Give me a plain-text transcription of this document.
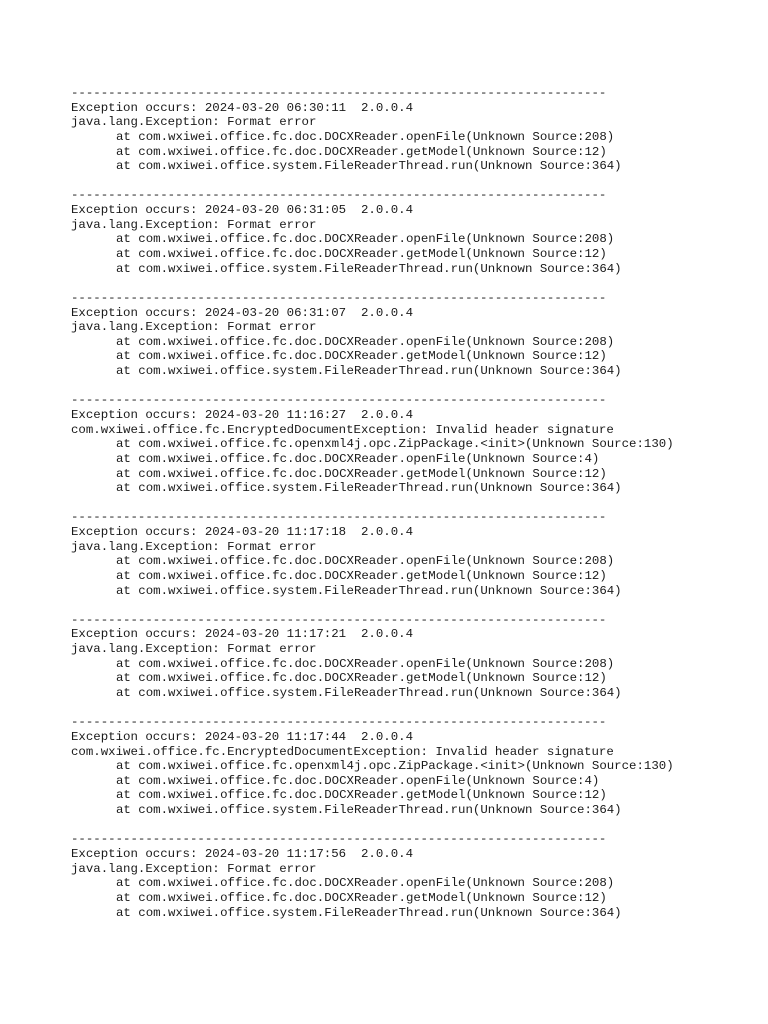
------------------------------------------------------------------------
Exception occurs: 2024-03-20 06:30:11  2.0.0.4
java.lang.Exception: Format error
at com.wxiwei.office.fc.doc.DOCXReader.openFile(Unknown Source:208)
at com.wxiwei.office.fc.doc.DOCXReader.getModel(Unknown Source:12)
at com.wxiwei.office.system.FileReaderThread.run(Unknown Source:364)
------------------------------------------------------------------------
Exception occurs: 2024-03-20 06:31:05  2.0.0.4
java.lang.Exception: Format error
at com.wxiwei.office.fc.doc.DOCXReader.openFile(Unknown Source:208)
at com.wxiwei.office.fc.doc.DOCXReader.getModel(Unknown Source:12)
at com.wxiwei.office.system.FileReaderThread.run(Unknown Source:364)
------------------------------------------------------------------------
Exception occurs: 2024-03-20 06:31:07  2.0.0.4
java.lang.Exception: Format error
at com.wxiwei.office.fc.doc.DOCXReader.openFile(Unknown Source:208)
at com.wxiwei.office.fc.doc.DOCXReader.getModel(Unknown Source:12)
at com.wxiwei.office.system.FileReaderThread.run(Unknown Source:364)
------------------------------------------------------------------------
Exception occurs: 2024-03-20 11:16:27  2.0.0.4
com.wxiwei.office.fc.EncryptedDocumentException: Invalid header signature
at com.wxiwei.office.fc.openxml4j.opc.ZipPackage.<init>(Unknown Source:130)
at com.wxiwei.office.fc.doc.DOCXReader.openFile(Unknown Source:4)
at com.wxiwei.office.fc.doc.DOCXReader.getModel(Unknown Source:12)
at com.wxiwei.office.system.FileReaderThread.run(Unknown Source:364)
------------------------------------------------------------------------
Exception occurs: 2024-03-20 11:17:18  2.0.0.4
java.lang.Exception: Format error
at com.wxiwei.office.fc.doc.DOCXReader.openFile(Unknown Source:208)
at com.wxiwei.office.fc.doc.DOCXReader.getModel(Unknown Source:12)
at com.wxiwei.office.system.FileReaderThread.run(Unknown Source:364)
------------------------------------------------------------------------
Exception occurs: 2024-03-20 11:17:21  2.0.0.4
java.lang.Exception: Format error
at com.wxiwei.office.fc.doc.DOCXReader.openFile(Unknown Source:208)
at com.wxiwei.office.fc.doc.DOCXReader.getModel(Unknown Source:12)
at com.wxiwei.office.system.FileReaderThread.run(Unknown Source:364)
------------------------------------------------------------------------
Exception occurs: 2024-03-20 11:17:44  2.0.0.4
com.wxiwei.office.fc.EncryptedDocumentException: Invalid header signature
at com.wxiwei.office.fc.openxml4j.opc.ZipPackage.<init>(Unknown Source:130)
at com.wxiwei.office.fc.doc.DOCXReader.openFile(Unknown Source:4)
at com.wxiwei.office.fc.doc.DOCXReader.getModel(Unknown Source:12)
at com.wxiwei.office.system.FileReaderThread.run(Unknown Source:364)
------------------------------------------------------------------------
Exception occurs: 2024-03-20 11:17:56  2.0.0.4
java.lang.Exception: Format error
at com.wxiwei.office.fc.doc.DOCXReader.openFile(Unknown Source:208)
at com.wxiwei.office.fc.doc.DOCXReader.getModel(Unknown Source:12)
at com.wxiwei.office.system.FileReaderThread.run(Unknown Source:364)
